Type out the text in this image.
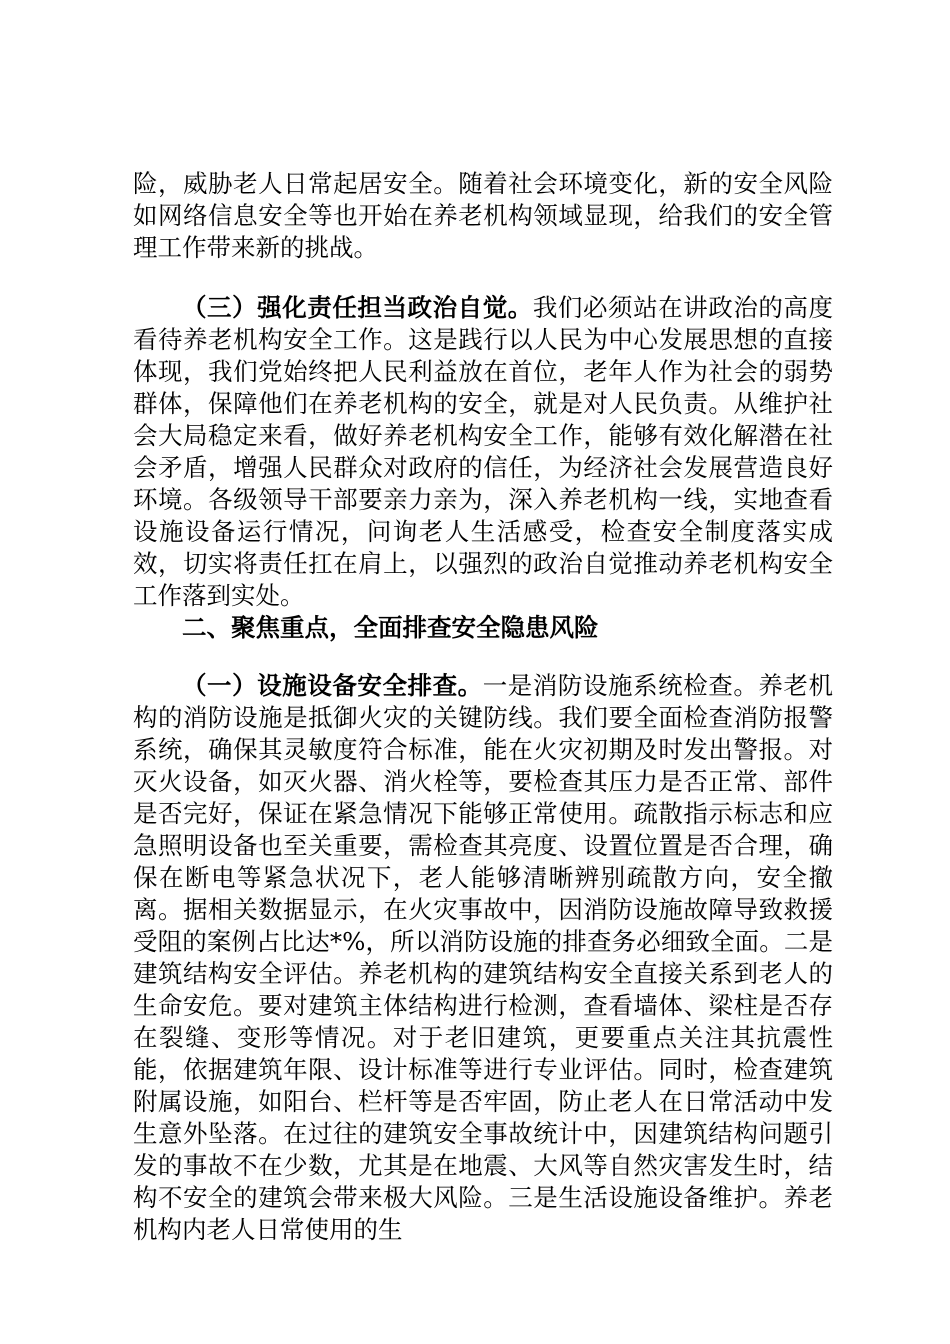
险，威胁老人日常起居安全。随着社会环境变化，新的安全风险如网络信息安全等也开始在养老机构领域显现，给我们的安全管理工作带来新的挑战。

（三）强化责任担当政治自觉。我们必须站在讲政治的高度看待养老机构安全工作。这是践行以人民为中心发展思想的直接体现，我们党始终把人民利益放在首位，老年人作为社会的弱势群体，保障他们在养老机构的安全，就是对人民负责。从维护社会大局稳定来看，做好养老机构安全工作，能够有效化解潜在社会矛盾，增强人民群众对政府的信任，为经济社会发展营造良好环境。各级领导干部要亲力亲为，深入养老机构一线，实地查看设施设备运行情况，问询老人生活感受，检查安全制度落实成效，切实将责任扛在肩上，以强烈的政治自觉推动养老机构安全工作落到实处。

二、聚焦重点，全面排查安全隐患风险

（一）设施设备安全排查。一是消防设施系统检查。养老机构的消防设施是抵御火灾的关键防线。我们要全面检查消防报警系统，确保其灵敏度符合标准，能在火灾初期及时发出警报。对灭火设备，如灭火器、消火栓等，要检查其压力是否正常、部件是否完好，保证在紧急情况下能够正常使用。疏散指示标志和应急照明设备也至关重要，需检查其亮度、设置位置是否合理，确保在断电等紧急状况下，老人能够清晰辨别疏散方向，安全撤离。据相关数据显示，在火灾事故中，因消防设施故障导致救援受阻的案例占比达*%，所以消防设施的排查务必细致全面。二是建筑结构安全评估。养老机构的建筑结构安全直接关系到老人的生命安危。要对建筑主体结构进行检测，查看墙体、梁柱是否存在裂缝、变形等情况。对于老旧建筑，更要重点关注其抗震性能，依据建筑年限、设计标准等进行专业评估。同时，检查建筑附属设施，如阳台、栏杆等是否牢固，防止老人在日常活动中发生意外坠落。在过往的建筑安全事故统计中，因建筑结构问题引发的事故不在少数，尤其是在地震、大风等自然灾害发生时，结构不安全的建筑会带来极大风险。三是生活设施设备维护。养老机构内老人日常使用的生
